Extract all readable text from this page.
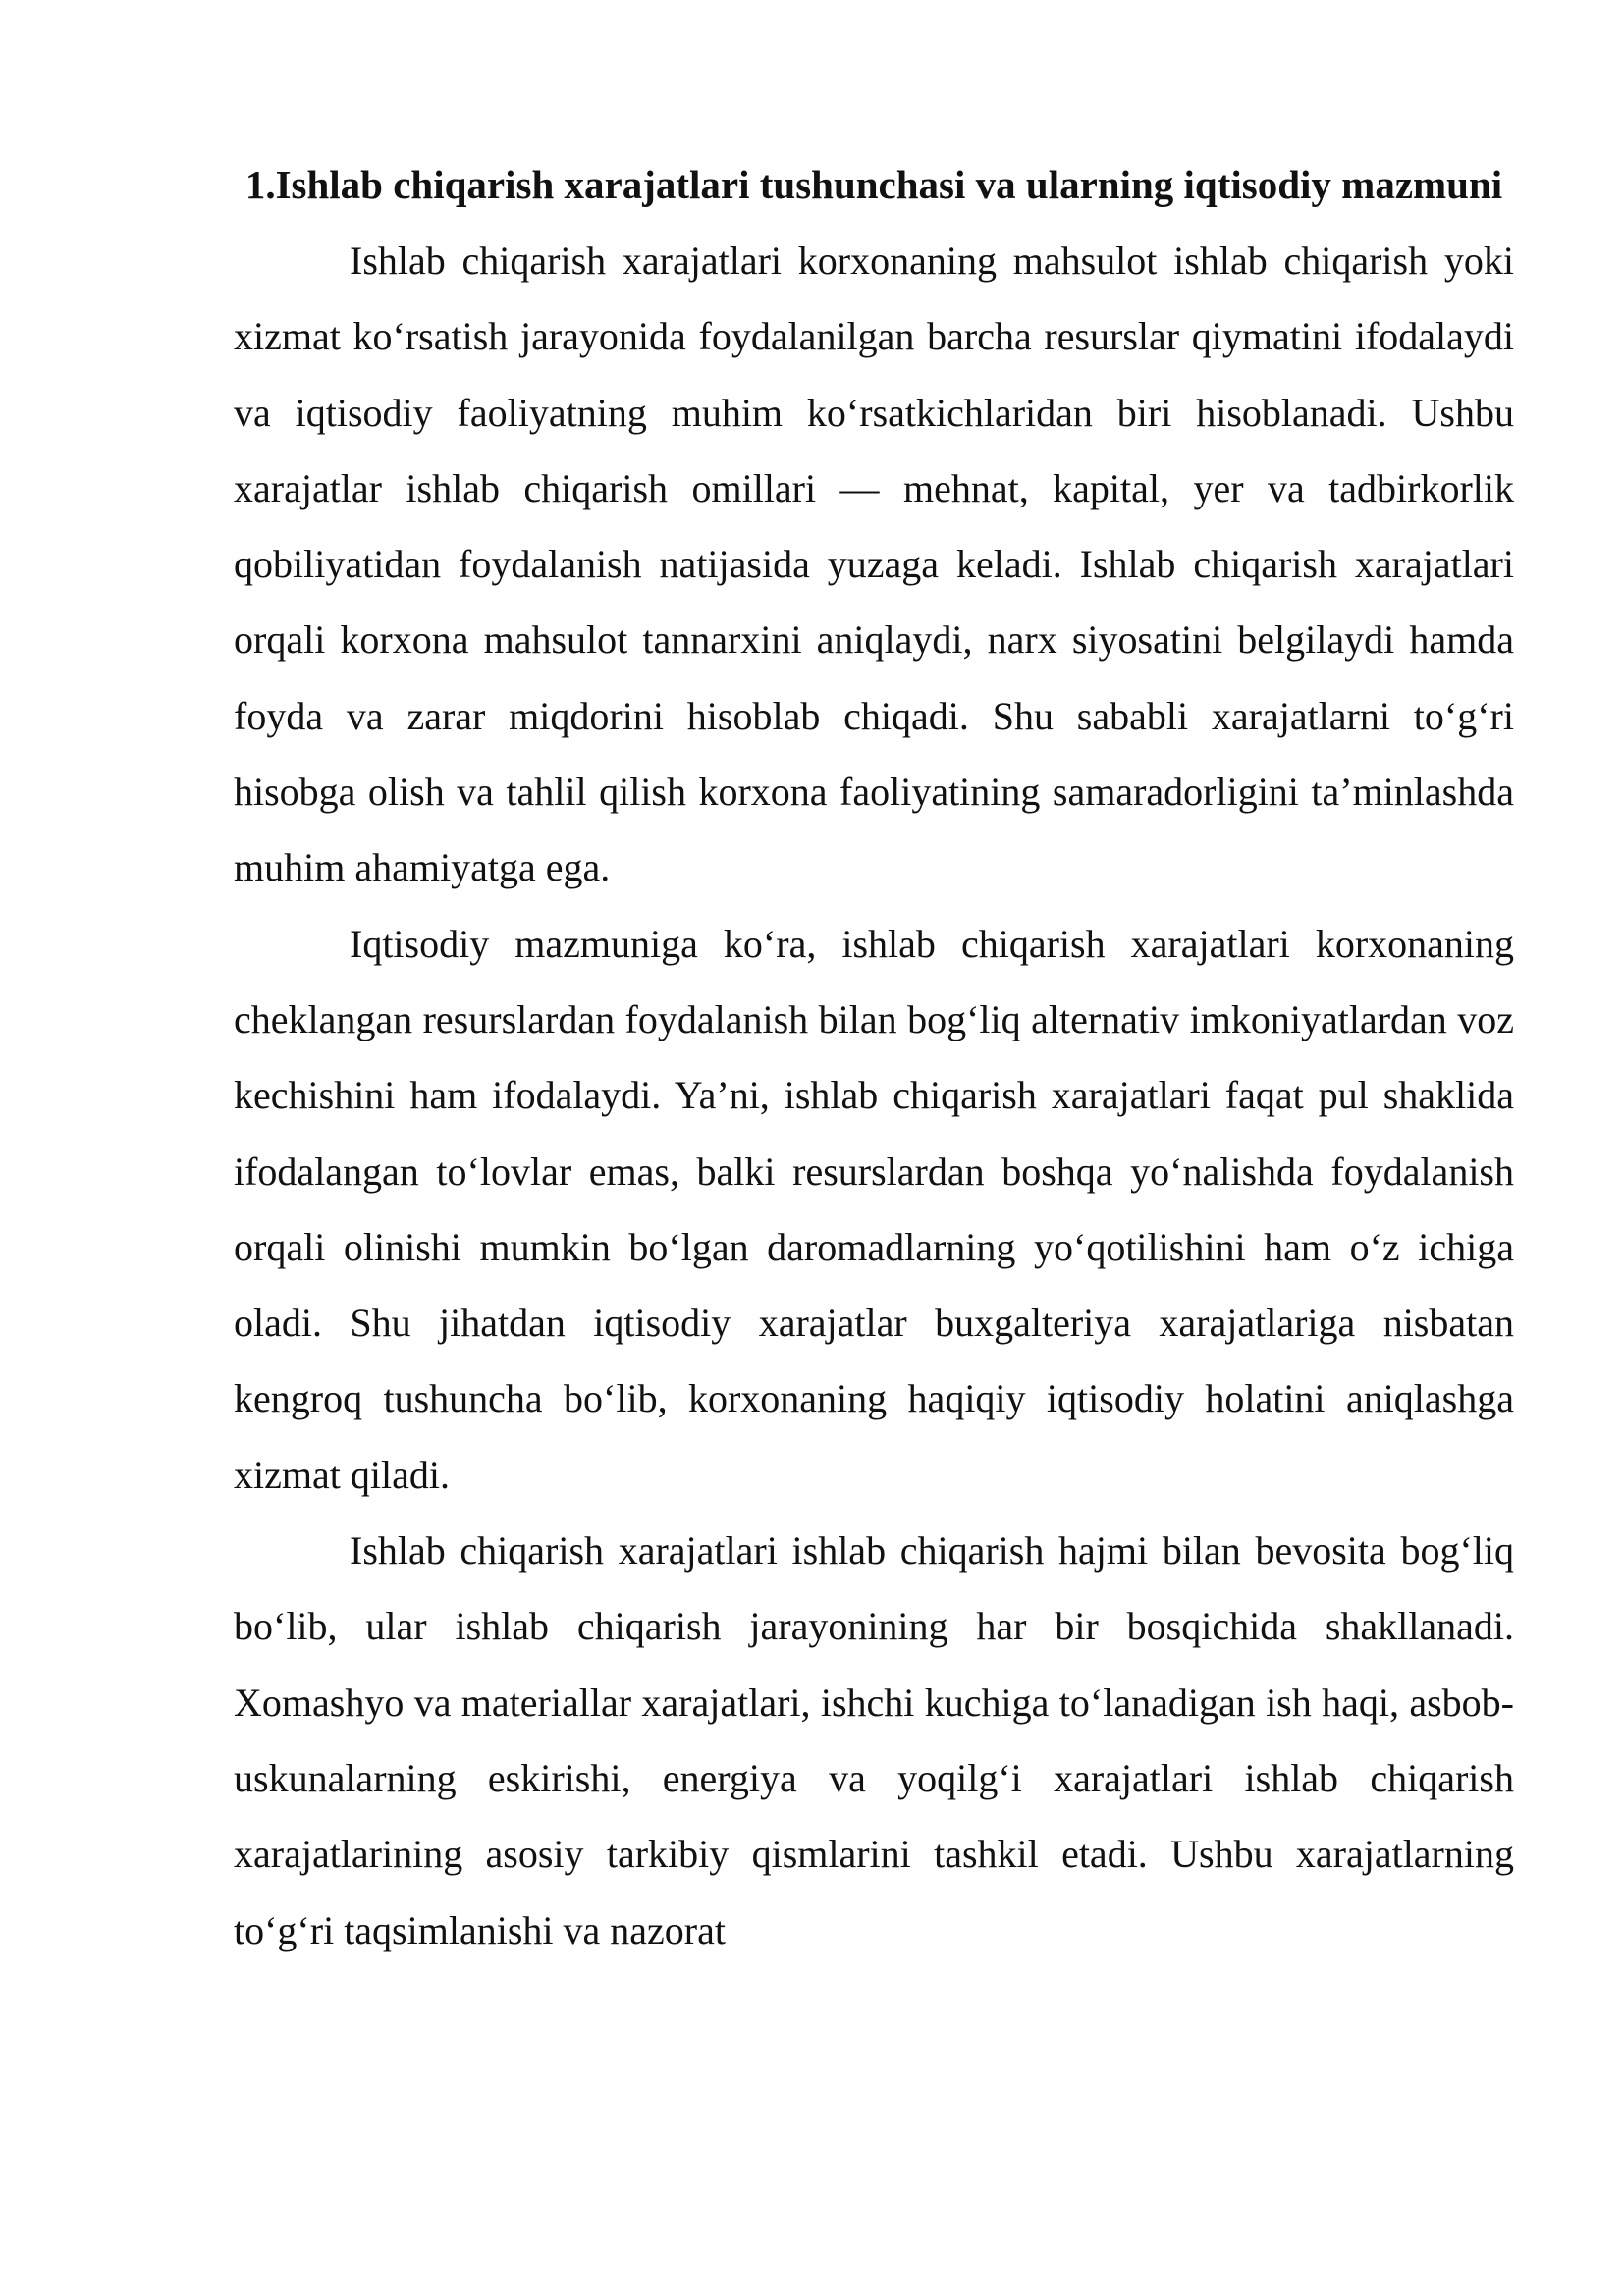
1.Ishlab chiqarish xarajatlari tushunchasi va ularning iqtisodiy mazmuni

Ishlab chiqarish xarajatlari korxonaning mahsulot ishlab chiqarish yoki xizmat ko‘rsatish jarayonida foydalanilgan barcha resurslar qiymatini ifodalaydi va iqtisodiy faoliyatning muhim ko‘rsatkichlaridan biri hisoblanadi. Ushbu xarajatlar ishlab chiqarish omillari — mehnat, kapital, yer va tadbirkorlik qobiliyatidan foydalanish natijasida yuzaga keladi. Ishlab chiqarish xarajatlari orqali korxona mahsulot tannarxini aniqlaydi, narx siyosatini belgilaydi hamda foyda va zarar miqdorini hisoblab chiqadi. Shu sababli xarajatlarni to‘g‘ri hisobga olish va tahlil qilish korxona faoliyatining samaradorligini ta’minlashda muhim ahamiyatga ega.

Iqtisodiy mazmuniga ko‘ra, ishlab chiqarish xarajatlari korxonaning cheklangan resurslardan foydalanish bilan bog‘liq alternativ imkoniyatlardan voz kechishini ham ifodalaydi. Ya’ni, ishlab chiqarish xarajatlari faqat pul shaklida ifodalangan to‘lovlar emas, balki resurslardan boshqa yo‘nalishda foydalanish orqali olinishi mumkin bo‘lgan daromadlarning yo‘qotilishini ham o‘z ichiga oladi. Shu jihatdan iqtisodiy xarajatlar buxgalteriya xarajatlariga nisbatan kengroq tushuncha bo‘lib, korxonaning haqiqiy iqtisodiy holatini aniqlashga xizmat qiladi.

Ishlab chiqarish xarajatlari ishlab chiqarish hajmi bilan bevosita bog‘liq bo‘lib, ular ishlab chiqarish jarayonining har bir bosqichida shakllanadi. Xomashyo va materiallar xarajatlari, ishchi kuchiga to‘lanadigan ish haqi, asbob-uskunalarning eskirishi, energiya va yoqilg‘i xarajatlari ishlab chiqarish xarajatlarining asosiy tarkibiy qismlarini tashkil etadi. Ushbu xarajatlarning to‘g‘ri taqsimlanishi va nazorat
